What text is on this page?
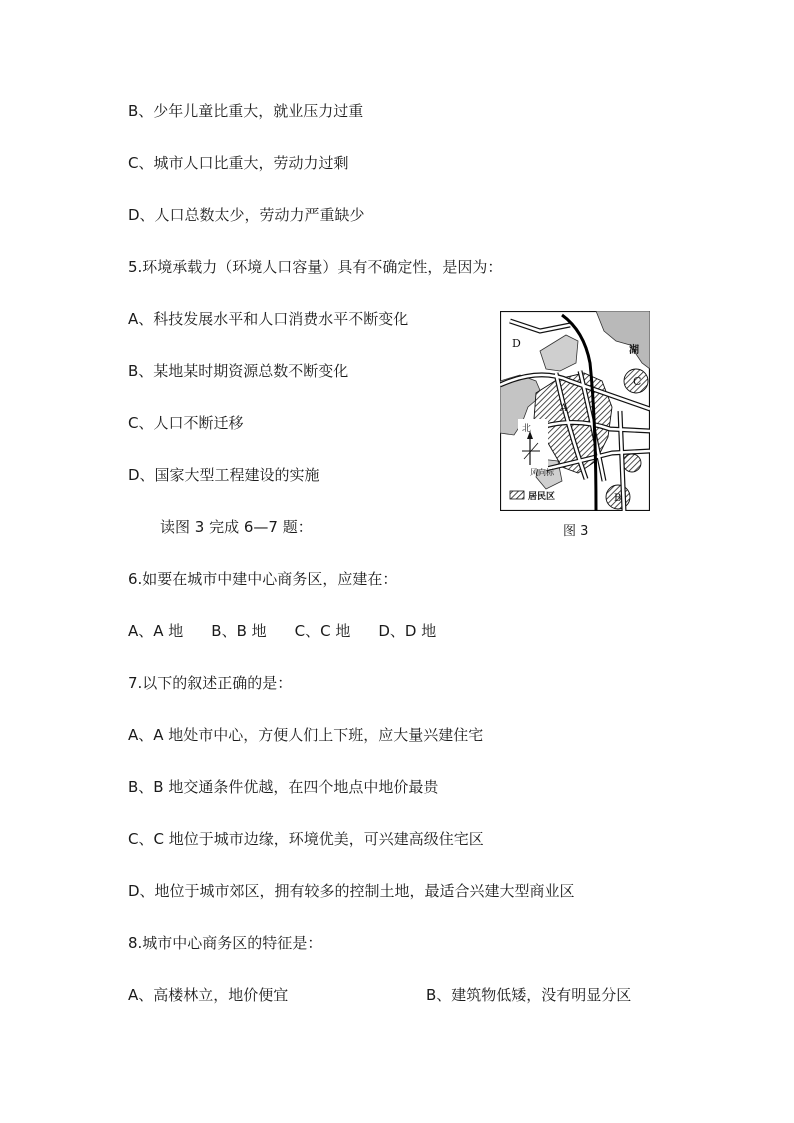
B、少年儿童比重大，就业压力过重
C、城市人口比重大，劳动力过剩
D、人口总数太少，劳动力严重缺少
5.环境承载力（环境人口容量）具有不确定性，是因为：
A、科技发展水平和人口消费水平不断变化
B、某地某时期资源总数不断变化
C、人口不断迁移
D、国家大型工程建设的实施
读图 3 完成 6—7 题：
D
湖
C
A
B
北
风向标
居民区
图 3
6.如要在城市中建中心商务区，应建在：
A、A 地 B、B 地 C、C 地 D、D 地
7.以下的叙述正确的是：
A、A 地处市中心，方便人们上下班，应大量兴建住宅
B、B 地交通条件优越，在四个地点中地价最贵
C、C 地位于城市边缘，环境优美，可兴建高级住宅区
D、地位于城市郊区，拥有较多的控制土地，最适合兴建大型商业区
8.城市中心商务区的特征是：
A、高楼林立，地价便宜	B、建筑物低矮，没有明显分区
